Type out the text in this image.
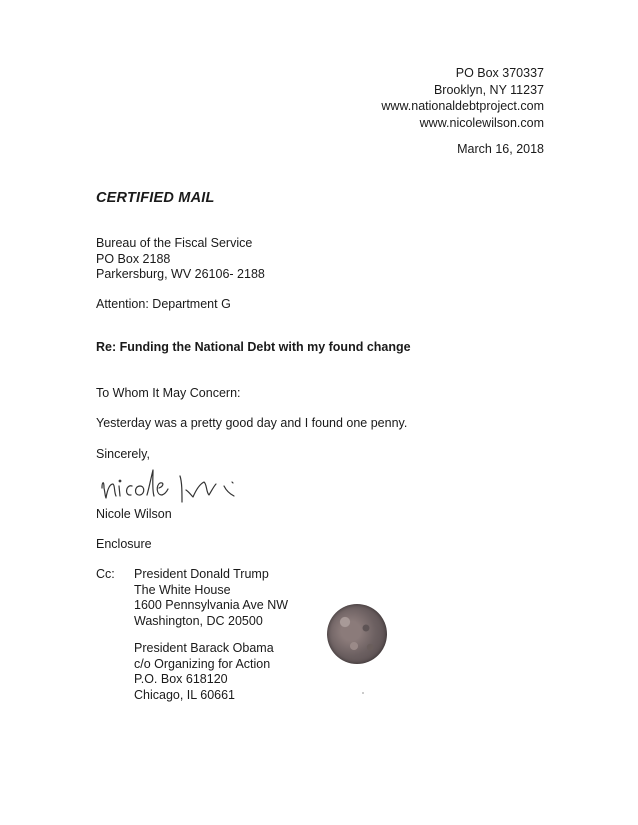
PO Box 370337
Brooklyn, NY 11237
www.nationaldebtproject.com
www.nicolewilson.com
March 16, 2018
CERTIFIED MAIL
Bureau of the Fiscal Service
PO Box 2188
Parkersburg, WV 26106- 2188
Attention: Department G
Re: Funding the National Debt with my found change
To Whom It May Concern:
Yesterday was a pretty good day and I found one penny.
Sincerely,
Nicole Wilson
Enclosure
Cc: President Donald Trump
The White House
1600 Pennsylvania Ave NW
Washington, DC 20500
President Barack Obama
c/o Organizing for Action
P.O. Box 618120
Chicago, IL 60661
